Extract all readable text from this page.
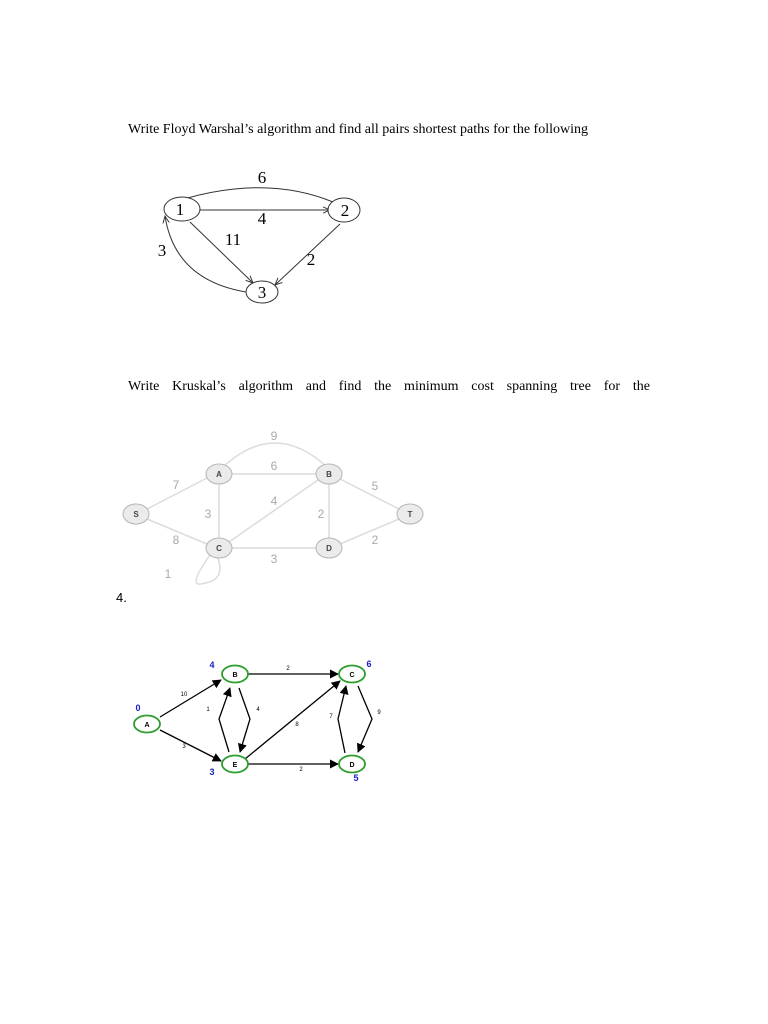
Write Floyd Warshal’s algorithm and find all pairs shortest paths for the following
1	2
3
6
4
11
2
3
Write Kruskal’s algorithm and find the minimum cost spanning tree for the
S
A	B
C	D
T
9
6
7
3
4
8
1
2
3
5
2
4.
A
B	C
D
E
0
4	6
5
3
10
3
2
1	4
8
2
7
9
